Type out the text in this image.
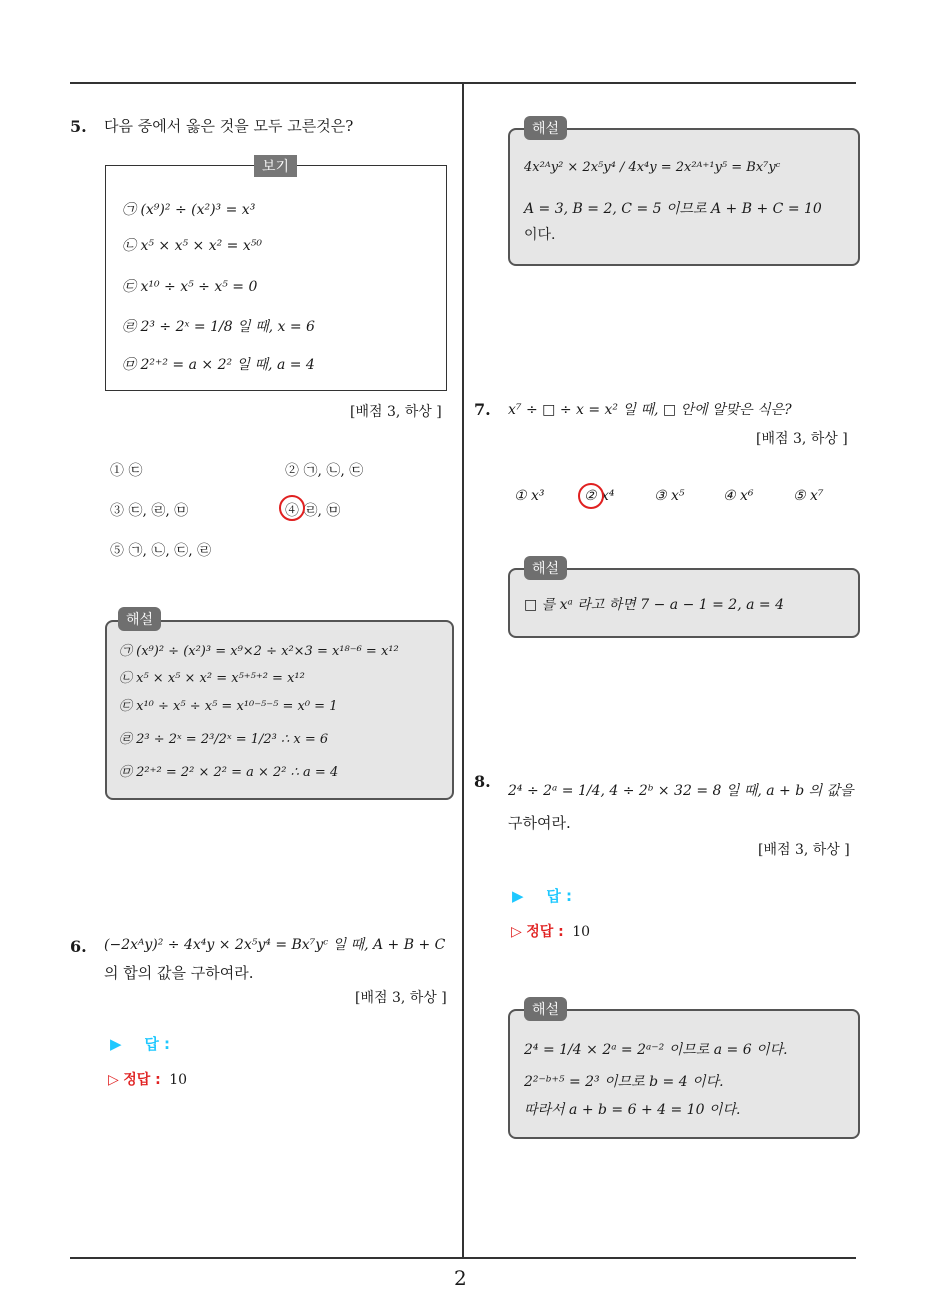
2
5. 다음 중에서 옳은 것을 모두 고른것은?
㉠ (x⁹)² ÷ (x²)³ = x³
㉡ x⁵ × x⁵ × x² = x⁵⁰
㉢ x¹⁰ ÷ x⁵ ÷ x⁵ = 0
㉣ 2³ ÷ 2ˣ = 1/8 일 때, x = 6
㉤ 2²⁺² = a × 2² 일 때, a = 4
보기
[배점 3, 하상 ]
① ㉢	② ㉠, ㉡, ㉢
③ ㉢, ㉣, ㉤	④ ㉣, ㉤
⑤ ㉠, ㉡, ㉢, ㉣
㉠ (x⁹)² ÷ (x²)³ = x⁹×2 ÷ x²×3 = x¹⁸⁻⁶ = x¹²
㉡ x⁵ × x⁵ × x² = x⁵⁺⁵⁺² = x¹²
㉢ x¹⁰ ÷ x⁵ ÷ x⁵ = x¹⁰⁻⁵⁻⁵ = x⁰ = 1
㉣ 2³ ÷ 2ˣ = 2³/2ˣ = 1/2³ ∴ x = 6
㉤ 2²⁺² = 2² × 2² = a × 2² ∴ a = 4
해설
6. (−2xᴬy)² ÷ 4x⁴y × 2x⁵y⁴ = Bx⁷yᶜ 일 때, A + B + C
의 합의 값을 구하여라.
[배점 3, 하상 ]
▶ 답 :
▷ 정답 : 10
4x²ᴬy² × 2x⁵y⁴ / 4x⁴y = 2x²ᴬ⁺¹y⁵ = Bx⁷yᶜ
A = 3, B = 2, C = 5 이므로 A + B + C = 10
이다.
해설
7. x⁷ ÷ □ ÷ x = x² 일 때, □ 안에 알맞은 식은?
[배점 3, 하상 ]
① x³	② x⁴	③ x⁵	④ x⁶	⑤ x⁷
□ 를 xᵃ 라고 하면 7 − a − 1 = 2, a = 4
해설
8. 2⁴ ÷ 2ᵃ = 1/4, 4 ÷ 2ᵇ × 32 = 8 일 때, a + b 의 값을
구하여라.
[배점 3, 하상 ]
▶ 답 :
▷ 정답 : 10
2⁴ = 1/4 × 2ᵃ = 2ᵃ⁻² 이므로 a = 6 이다.
2²⁻ᵇ⁺⁵ = 2³ 이므로 b = 4 이다.
따라서 a + b = 6 + 4 = 10 이다.
해설
